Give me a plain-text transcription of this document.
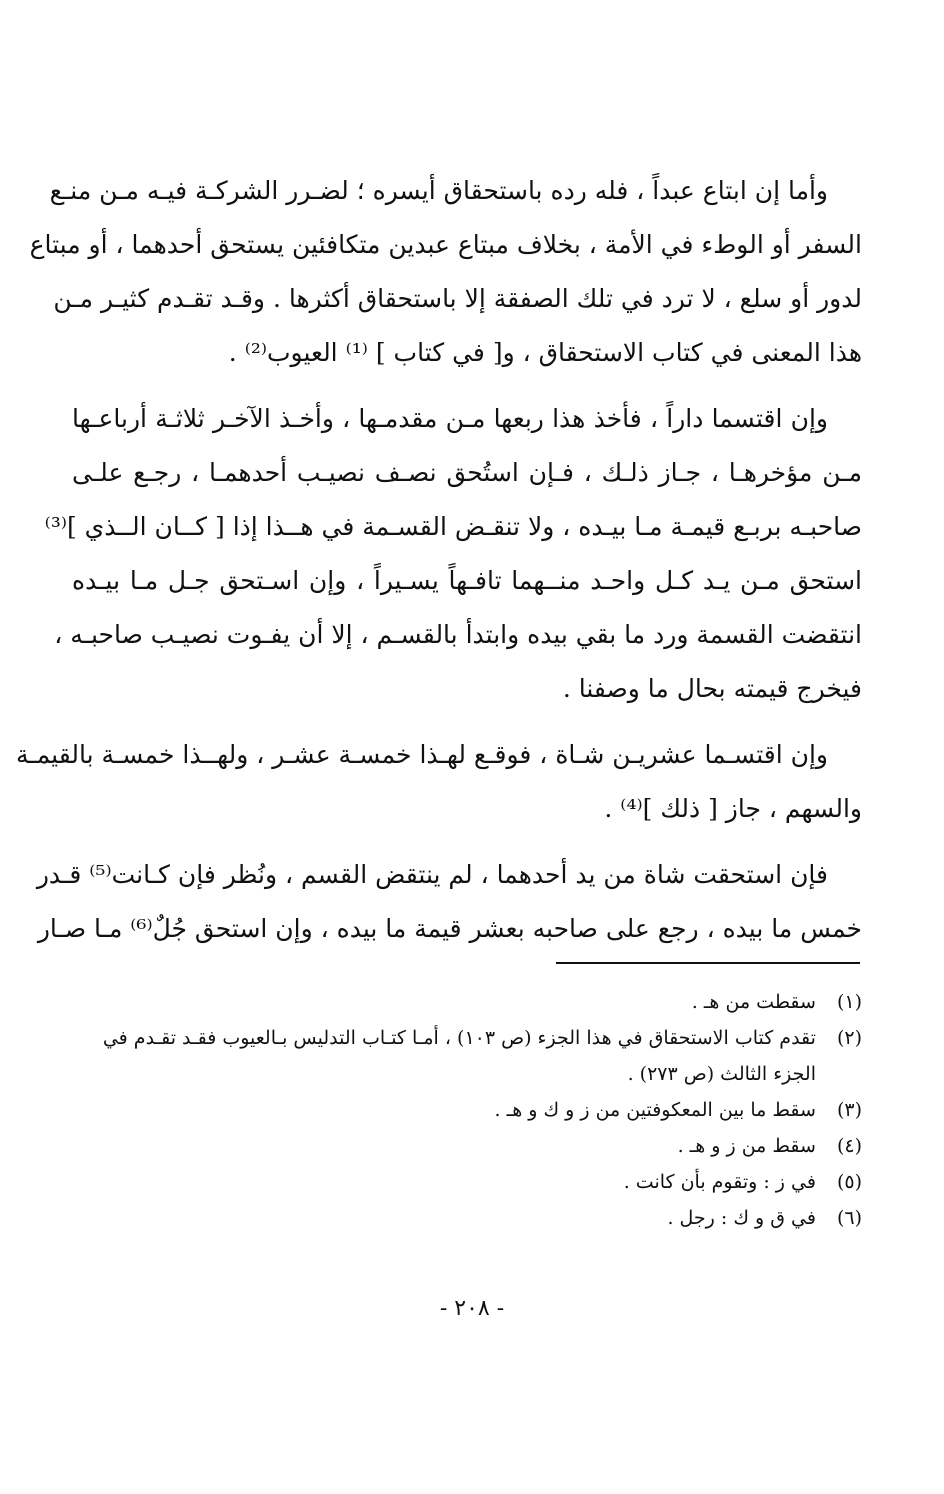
وأما إن ابتاع عبداً ، فله رده باستحقاق أيسره ؛ لضـرر الشركـة فيـه مـن منـع
السفر أو الوطء في الأمة ، بخلاف مبتاع عبدين متكافئين يستحق أحدهما ، أو مبتاع
لدور أو سلع ، لا ترد في تلك الصفقة إلا باستحقاق أكثرها . وقـد تقـدم كثيـر مـن
هذا المعنى في كتاب الاستحقاق ، و[ في كتاب ] ⁽¹⁾ العيوب⁽²⁾ .
وإن اقتسما داراً ، فأخذ هذا ربعها مـن مقدمـها ، وأخـذ الآخـر ثلاثـة أرباعـها
مـن مؤخرهـا ، جـاز ذلـك ، فـإن استُحق نصـف نصيـب أحدهمـا ، رجـع علـى
صاحبـه بربـع قيمـة مـا بيـده ، ولا تنقـض القسـمة في هــذا إذا [ كــان الــذي ]⁽³⁾
استحق مـن يـد كـل واحـد منــهما تافـهاً يسـيراً ، وإن اسـتحق جـل مـا بيـده
انتقضت القسمة ورد ما بقي بيده وابتدأ بالقسـم ، إلا أن يفـوت نصيـب صاحبـه ،
فيخرج قيمته بحال ما وصفنا .
وإن اقتسـما عشريـن شـاة ، فوقـع لهـذا خمسـة عشـر ، ولهــذا خمسـة بالقيمـة
والسهم ، جاز [ ذلك ]⁽⁴⁾ .
فإن استحقت شاة من يد أحدهما ، لم ينتقض القسم ، ونُظر فإن كـانت⁽⁵⁾ قـدر
خمس ما بيده ، رجع على صاحبه بعشر قيمة ما بيده ، وإن استحق جُلٌ⁽⁶⁾ مـا صـار
(١) سقطت من هـ .
(٢) تقدم كتاب الاستحقاق في هذا الجزء (ص ١٠٣) ، أمـا كتـاب التدليس بـالعيوب فقـد تقـدم في
الجزء الثالث (ص ٢٧٣) .
(٣) سقط ما بين المعكوفتين من ز و ك و هـ .
(٤) سقط من ز و هـ .
(٥) في ز : وتقوم بأن كانت .
(٦) في ق و ك : رجل .
- ٢٠٨ -
